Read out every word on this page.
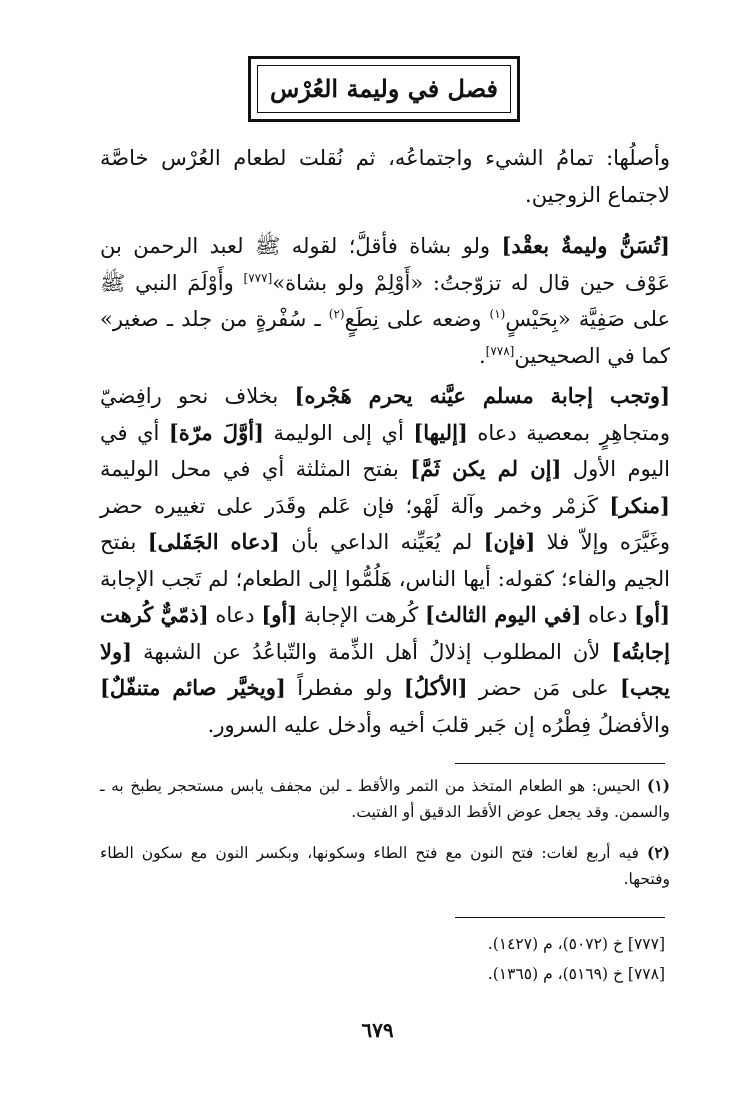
فصل في وليمة العُرْس

وأصلُها: تمامُ الشيء واجتماعُه، ثم نُقلت لطعام العُرْس خاصَّة لاجتماع الزوجين.

[تُسَنُّ وليمةٌ بعقْد] ولو بشاة فأقلَّ؛ لقوله ﷺ لعبد الرحمن بن عَوْف حين قال له تزوّجتُ: «أَوْلِمْ ولو بشاة»[٧٧٧] وأَوْلَمَ النبي ﷺ على صَفِيَّة «بِحَيْسٍ$^{(١)}$ وضعه على نِطَعٍ$^{(٢)}$ ـ سُفْرةٍ من جلد ـ صغير» كما في الصحيحين[٧٧٨].

[وتجب إجابة مسلم عيَّنه يحرم هَجْره] بخلاف نحو رافِضيّ ومتجاهِرٍ بمعصية دعاه [إليها] أي إلى الوليمة [أوَّلَ مرّة] أي في اليوم الأول [إن لم يكن ثَمَّ] بفتح المثلثة أي في محل الوليمة [منكر] كَزمْر وخمر وآلة لَهْو؛ فإن عَلم وقَدَر على تغييره حضر وغَيَّرَه وإلاّ فلا [فإن] لم يُعَيِّنه الداعي بأن [دعاه الجَفَلى] بفتح الجيم والفاء؛ كقوله: أيها الناس، هَلُمُّوا إلى الطعام؛ لم تَجب الإجابة [أو] دعاه [في اليوم الثالث] كُرهت الإجابة [أو] دعاه [ذمّيٌّ كُرهت إجابتُه] لأن المطلوب إذلالُ أهل الذِّمة والتّباعُدُ عن الشبهة [ولا يجب] على مَن حضر [الأكلُ] ولو مفطراً [ويخيَّر صائم متنفّلٌ] والأفضلُ فِطْرُه إن جَبر قلبَ أخيه وأدخل عليه السرور.

(١) الحيس: هو الطعام المتخذ من التمر والأقط ـ لبن مجفف يابس مستحجر يطبخ به ـ والسمن. وقد يجعل عوض الأقط الدقيق أو الفتيت.

(٢) فيه أربع لغات: فتح النون مع فتح الطاء وسكونها، وبكسر النون مع سكون الطاء وفتحها.

[٧٧٧] خ (٥٠٧٢)، م (١٤٢٧).

[٧٧٨] خ (٥١٦٩)، م (١٣٦٥).

٦٧٩
